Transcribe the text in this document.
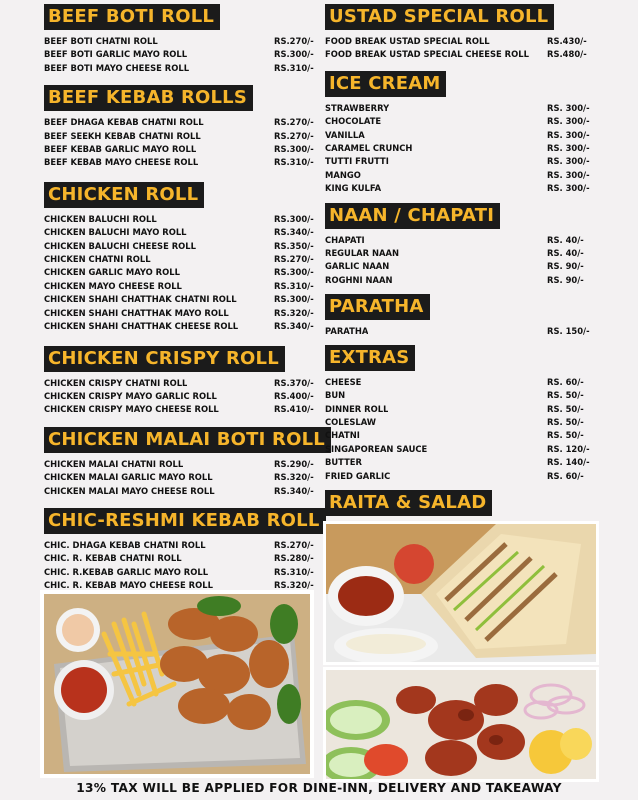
BEEF BOTI ROLL
BEEF BOTI CHATNI ROLL	RS.270/-
BEEF BOTI GARLIC MAYO ROLL	RS.300/-
BEEF BOTI MAYO CHEESE ROLL	RS.310/-
BEEF KEBAB ROLLS
BEEF DHAGA KEBAB CHATNI ROLL	RS.270/-
BEEF SEEKH KEBAB CHATNI ROLL	RS.270/-
BEEF KEBAB GARLIC MAYO ROLL	RS.300/-
BEEF KEBAB MAYO CHEESE ROLL	RS.310/-
CHICKEN ROLL
CHICKEN BALUCHI ROLL	RS.300/-
CHICKEN BALUCHI MAYO ROLL	RS.340/-
CHICKEN BALUCHI CHEESE ROLL	RS.350/-
CHICKEN CHATNI ROLL	RS.270/-
CHICKEN GARLIC MAYO ROLL	RS.300/-
CHICKEN MAYO CHEESE ROLL	RS.310/-
CHICKEN SHAHI CHATTHAK CHATNI ROLL	RS.300/-
CHICKEN SHAHI CHATTHAK MAYO ROLL	RS.320/-
CHICKEN SHAHI CHATTHAK CHEESE ROLL	RS.340/-
CHICKEN CRISPY ROLL
CHICKEN CRISPY CHATNI ROLL	RS.370/-
CHICKEN CRISPY MAYO GARLIC ROLL	RS.400/-
CHICKEN CRISPY MAYO CHEESE ROLL	RS.410/-
CHICKEN MALAI BOTI ROLL
CHICKEN MALAI CHATNI ROLL	RS.290/-
CHICKEN MALAI GARLIC MAYO ROLL	RS.320/-
CHICKEN MALAI MAYO CHEESE ROLL	RS.340/-
CHIC-RESHMI KEBAB ROLL
CHIC. DHAGA KEBAB CHATNI ROLL	RS.270/-
CHIC. R. KEBAB CHATNI ROLL	RS.280/-
CHIC. R.KEBAB GARLIC MAYO ROLL	RS.310/-
CHIC. R. KEBAB MAYO CHEESE ROLL	RS.320/-
USTAD SPECIAL ROLL
FOOD BREAK USTAD SPECIAL ROLL	RS.430/-
FOOD BREAK USTAD SPECIAL CHEESE ROLL RS.480/-
ICE CREAM
STRAWBERRY	RS. 300/-
CHOCOLATE	RS. 300/-
VANILLA	RS. 300/-
CARAMEL CRUNCH	RS. 300/-
TUTTI FRUTTI	RS. 300/-
MANGO	RS. 300/-
KING KULFA	RS. 300/-
NAAN / CHAPATI
CHAPATI	RS. 40/-
REGULAR NAAN	RS. 40/-
GARLIC NAAN	RS. 90/-
ROGHNI NAAN	RS. 90/-
PARATHA
PARATHA	RS. 150/-
EXTRAS
CHEESE	RS. 60/-
BUN	RS. 50/-
DINNER ROLL	RS. 50/-
COLESLAW	RS. 50/-
CHATNI	RS. 50/-
SINGAPOREAN SAUCE	RS. 120/-
BUTTER	RS. 140/-
FRIED GARLIC	RS. 60/-
RAITA & SALAD
13% TAX WILL BE APPLIED FOR DINE-INN, DELIVERY AND TAKEAWAY
